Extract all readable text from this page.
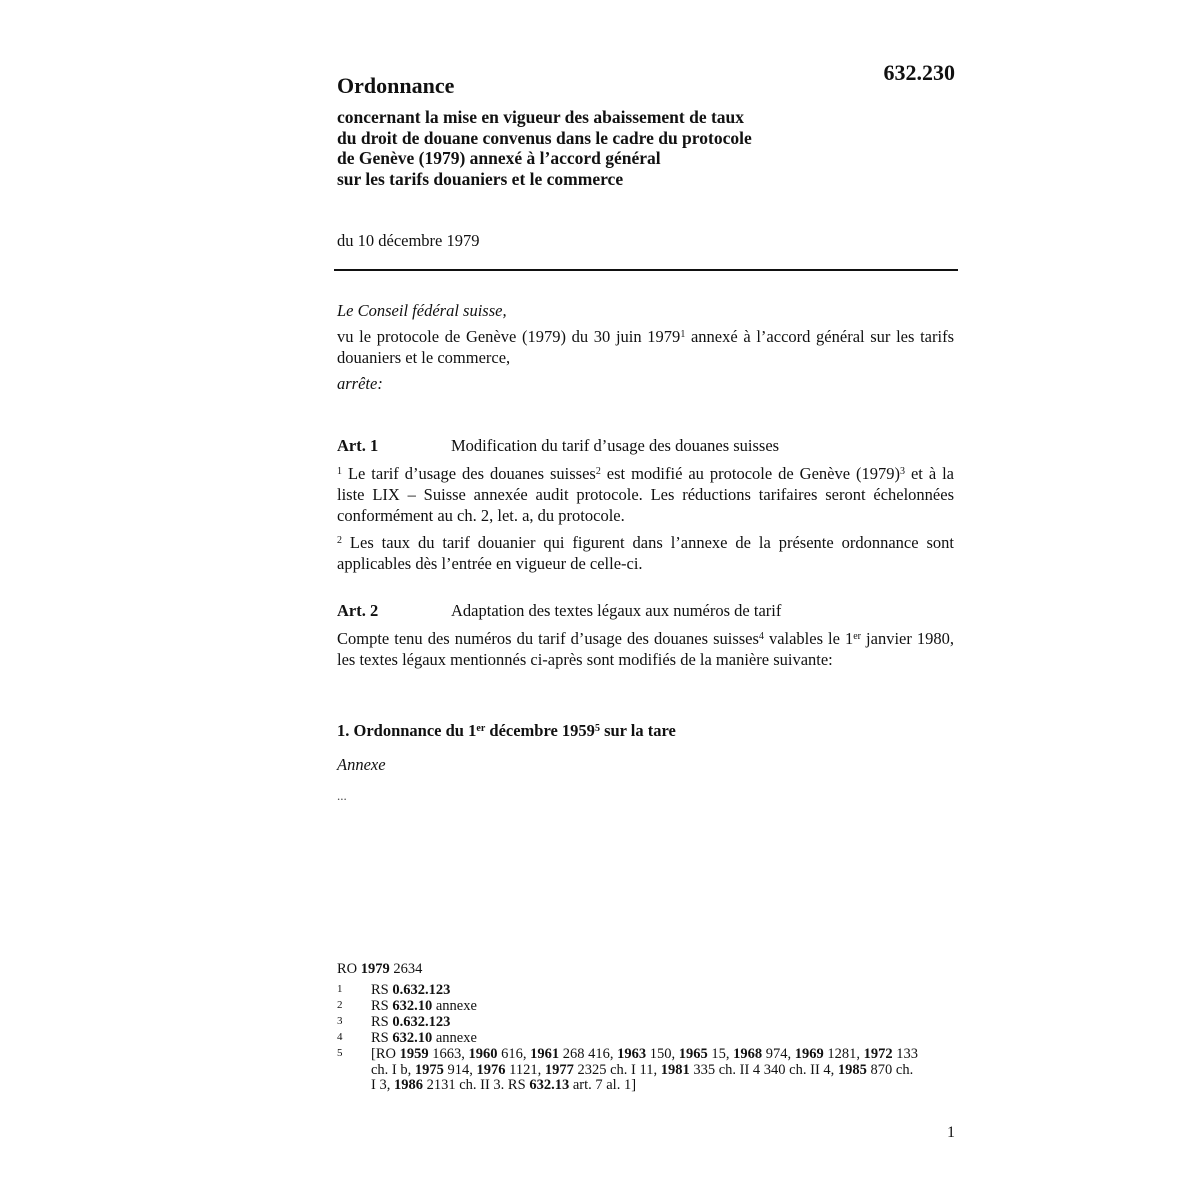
632.230
Ordonnance
concernant la mise en vigueur des abaissement de taux
du droit de douane convenus dans le cadre du protocole
de Genève (1979) annexé à l’accord général
sur les tarifs douaniers et le commerce
du 10 décembre 1979
Le Conseil fédéral suisse,
vu le protocole de Genève (1979) du 30 juin 1979$^1$ annexé à l’accord général sur les tarifs douaniers et le commerce,
arrête:
Art. 1	Modification du tarif d’usage des douanes suisses
$^1$ Le tarif d’usage des douanes suisses$^2$ est modifié au protocole de Genève $(1979)^3$ et à la liste LIX – Suisse annexée audit protocole. Les réductions tarifaires seront échelonnées conformément au ch. 2, let. a, du protocole.
$^2$ Les taux du tarif douanier qui figurent dans l’annexe de la présente ordonnance sont applicables dès l’entrée en vigueur de celle-ci.
Art. 2	Adaptation des textes légaux aux numéros de tarif
Compte tenu des numéros du tarif d’usage des douanes suisses$^4$ valables le 1er janvier 1980, les textes légaux mentionnés ci-après sont modifiés de la manière suivante:
1. Ordonnance du 1er décembre 1959$^5$ sur la tare
Annexe
...
RO 1979 2634
1 RS 0.632.123
2 RS 632.10 annexe
3 RS 0.632.123
4 RS 632.10 annexe
5 [RO 1959 1663, 1960 616, 1961 268 416, 1963 150, 1965 15, 1968 974, 1969 1281, 1972 133 ch. I b, 1975 914, 1976 1121, 1977 2325 ch. I 11, 1981 335 ch. II 4 340 ch. II 4, 1985 870 ch. I 3, 1986 2131 ch. II 3. RS 632.13 art. 7 al. 1]
1
